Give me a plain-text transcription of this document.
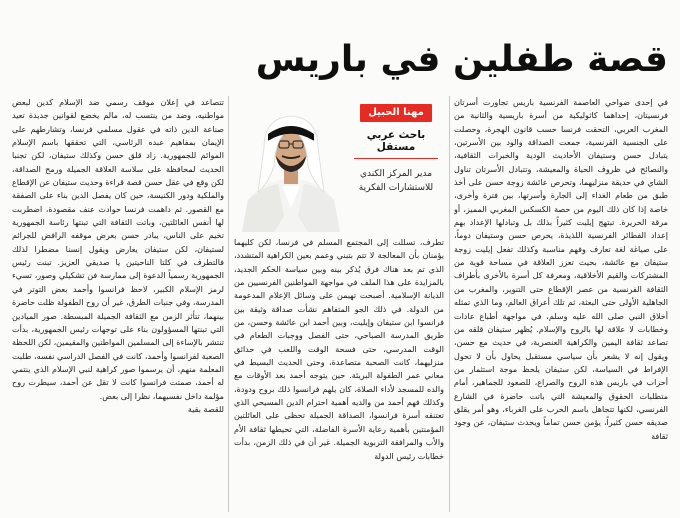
قصة طفلين في باريس

في إحدى ضواحي العاصمة الفرنسية باريس تجاورت أسرتان فرنسيتان، إحداهما كاثوليكية من أسرة باريسية والثانية من المغرب العربي، التحقت فرنسا حسب قانون الهجرة، وحصلت على الجنسية الفرنسية، جمعت الصداقة والود بين الأسرتين، يتبادل حسن وستيفان الأحاديث الودية والخبرات الثقافية، والنصائح في ظروف الحياة والمعيشة، وتتبادل الأسرتان تناول الشاي في حديقة منزليهما، وتحرص عائشة زوجة حسن على أخذ طبق من طعام الغداء إلى الجارة وأسرتها، بين فترة وأخرى، خاصة إذا كان ذلك اليوم من حصة الكسكس المغربي المميز، أو مرقة الحريرة. تبتهج إيليت كثيراً بذلك بل وتبادلها الإعداد بهم إعداد الفطائر الفرنسية اللذيذة، يحرص حسن وستيفان دوماً، على صياغة لغة تعارف وفهم مناسبة وكذلك تفعل إيليت زوجة ستيفان مع عائشة، بحيث تعزز العلاقة في مساحة قوية من المشتركات والقيم الأخلاقية، ومعرفة كل أسرة بالأخرى بأطراف الثقافة الفرنسية من عصر الإقطاع حتى التنوير، والمغرب من الجاهلية الأولى حتى البعثة، ثم تلك أعراق العالم، وما الذي تمثله أخلاق النبي صلى الله عليه وسلم، في مواجهة أطباع عادات وخطابات لا علاقة لها بالروح والإسلام. يُظهر ستيفان قلقه من تصاعد ثقافة اليمين والكراهية العنصرية، في حديث مع حسن، ويقول إنه لا يشعر بأن سياسي مستقبل يحاول بأن لا تحول الإفراط في السياسة، لكن ستيفان يلحظ موجة استثمار من أحزاب في باريس هذه الروح والصراع، للصعود للجماهير، أمام متطلبات الحقوق والمعيشة التي باتت حاضرة في الشارع الفرنسي، لكنها تتجاهل باسم الحرب على الغرباء، وهو أمر يقلق صديقه حسن كثيراً، يؤمن حسن تماماً ويحدث ستيفان، عن وجود ثقافة

مهنا الحبيل
باحث عربي مستقل
مدير المركز الكندي للاستشارات الفكرية

تطرف، تسللت إلى المجتمع المسلم في فرنسا، لكن كليهما يؤمنان بأن المعالجة لا تتم بتبني وعمم بعين الكراهية المتشدد، الذي تم بعد هناك فرق يُذكر بينه وبين سياسة الحكم الجديد، بالمزايدة على هذا الملف في مواجهة المواطنين الفرنسيين من الديانة الإسلامية. أصبحت تهيمن على وسائل الإعلام المدعومة من الدولة. في ذلك الجو المتفاهم نشأت صداقة وثيقة بين فرانسوا ابن ستيفان وإيليت، وبين أحمد ابن عائشة وحسن، من طريق المدرسة الصباحي، حتى الفصل ووجبات الطعام في الوقت المدرسي، حتى فسحة الوقت واللعب في حدائق منزليهما، كانت الصحبة متصاعدة، وحتى الحديث البسيط في معاني عمر الطفولة البريئة. حين يتوجه أحمد بعد الأوقات مع والده للمسجد لأداء الصلاة، كان يلهم فرانسوا ذلك بروح ودودة، وكذلك فهم أحمد من والديه أهمية احترام الدين المسيحي الذي تعتنقه أسرة فرانسوا، الصداقة الجميلة تحظى على العائلتين المؤمنتين بأهمية رعاية الأسرة الفاضلة، التي تحيطها ثقافة الأم والأب والمرافقة التربوية الجميلة. غير أن في ذلك الزمن، بدأت خطابات رئيس الدولة

تتصاعد في إعلان موقف رسمي ضد الإسلام كدين لبعض مواطنيه، وضد من ينتسب له، مالم يخضع لقوانين جديدة تعيد صناعة الدين ذاته في عقول مسلمي فرنسا، وتشارطهم على الإيمان بمفاهيم عبده الرئاسي، التي تحققها باسم الإسلام الموائم للجمهورية. زاد قلق حسن وكذلك ستيفان، لكن تجنبا الحديث لمحافظة على سلاسة العلاقة الجميلة ورمح الصداقة، لكن وقع في عقل حسن قصة قراءة وحديث ستيفان عن الإقطاع والملكية ودور الكنيسة، حين كان يفصل الدين بناء على الصفقة مع القصور. ثم داهمت فرنسا حوادث عنف مقصودة، اضطربت لها أنفس العائلتين، وباتت الثقافة التي تبنتها رئاسة الجمهورية تخيم على الناس، يبادر حسن بعرض موقفه الرافض للجرائم لستيفان، لكن ستيفان يعارض ويقول إنسنا مضطرا لذلك فالتطرف في كلتا الناحيتين يا صديقي العزيز. تبنت رئيس الجمهورية رسمياً الدعوة إلى ممارسة فن تشكيلي وصور، تسيء لرمز الإسلام الكبير، لاحظ فرانسوا وأحمد بعض التوتر في المدرسة، وفي جنبات الطرق، غير أن روح الطفولة ظلت حاضرة بينهما، تتأثر الزمن مع الثقافة الجميلة المبسطة. صور الميادين التي تبنتها المسؤولون بناء على توجهات رئيس الجمهورية، بدأت تنتشر بالإساءة إلى المسلمين المواطنين والمقيمين، لكن اللحظة الصعبة لفرانسوا وأحمد، كانت في الفصل الدراسي نفسه، طلبت المعلمة منهم، أن يرسموا صور كراهية لنبي الإسلام الذي ينتمي له أحمد، صمتت فرانسوا كانت لا تقل عن أحمد، سيطرت روح مؤلمة داخل نفسيهما، نظرا إلى بعض.

للقصة بقية
